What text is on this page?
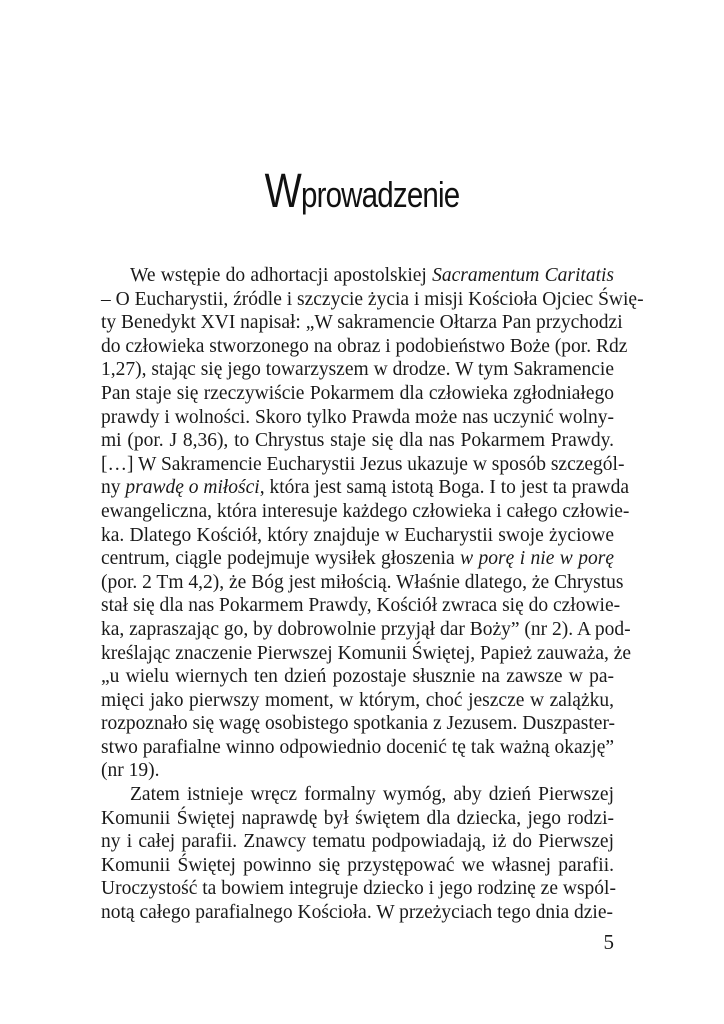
Wprowadzenie
We wstępie do adhortacji apostolskiej Sacramentum Caritatis
– O Eucharystii, źródle i szczycie życia i misji Kościoła Ojciec Świę-
ty Benedykt XVI napisał: „W sakramencie Ołtarza Pan przychodzi
do człowieka stworzonego na obraz i podobieństwo Boże (por. Rdz
1,27), stając się jego towarzyszem w drodze. W tym Sakramencie
Pan staje się rzeczywiście Pokarmem dla człowieka zgłodniałego
prawdy i wolności. Skoro tylko Prawda może nas uczynić wolny-
mi (por. J 8,36), to Chrystus staje się dla nas Pokarmem Prawdy.
[…] W Sakramencie Eucharystii Jezus ukazuje w sposób szczegól-
ny prawdę o miłości, która jest samą istotą Boga. I to jest ta prawda
ewangeliczna, która interesuje każdego człowieka i całego człowie-
ka. Dlatego Kościół, który znajduje w Eucharystii swoje życiowe
centrum, ciągle podejmuje wysiłek głoszenia w porę i nie w porę
(por. 2 Tm 4,2), że Bóg jest miłością. Właśnie dlatego, że Chrystus
stał się dla nas Pokarmem Prawdy, Kościół zwraca się do człowie-
ka, zapraszając go, by dobrowolnie przyjął dar Boży” (nr 2). A pod-
kreślając znaczenie Pierwszej Komunii Świętej, Papież zauważa, że
„u wielu wiernych ten dzień pozostaje słusznie na zawsze w pa-
mięci jako pierwszy moment, w którym, choć jeszcze w zalążku,
rozpoznało się wagę osobistego spotkania z Jezusem. Duszpaster-
stwo parafialne winno odpowiednio docenić tę tak ważną okazję”
(nr 19).
Zatem istnieje wręcz formalny wymóg, aby dzień Pierwszej
Komunii Świętej naprawdę był świętem dla dziecka, jego rodzi-
ny i całej parafii. Znawcy tematu podpowiadają, iż do Pierwszej
Komunii Świętej powinno się przystępować we własnej parafii.
Uroczystość ta bowiem integruje dziecko i jego rodzinę ze wspól-
notą całego parafialnego Kościoła. W przeżyciach tego dnia dzie-
5
